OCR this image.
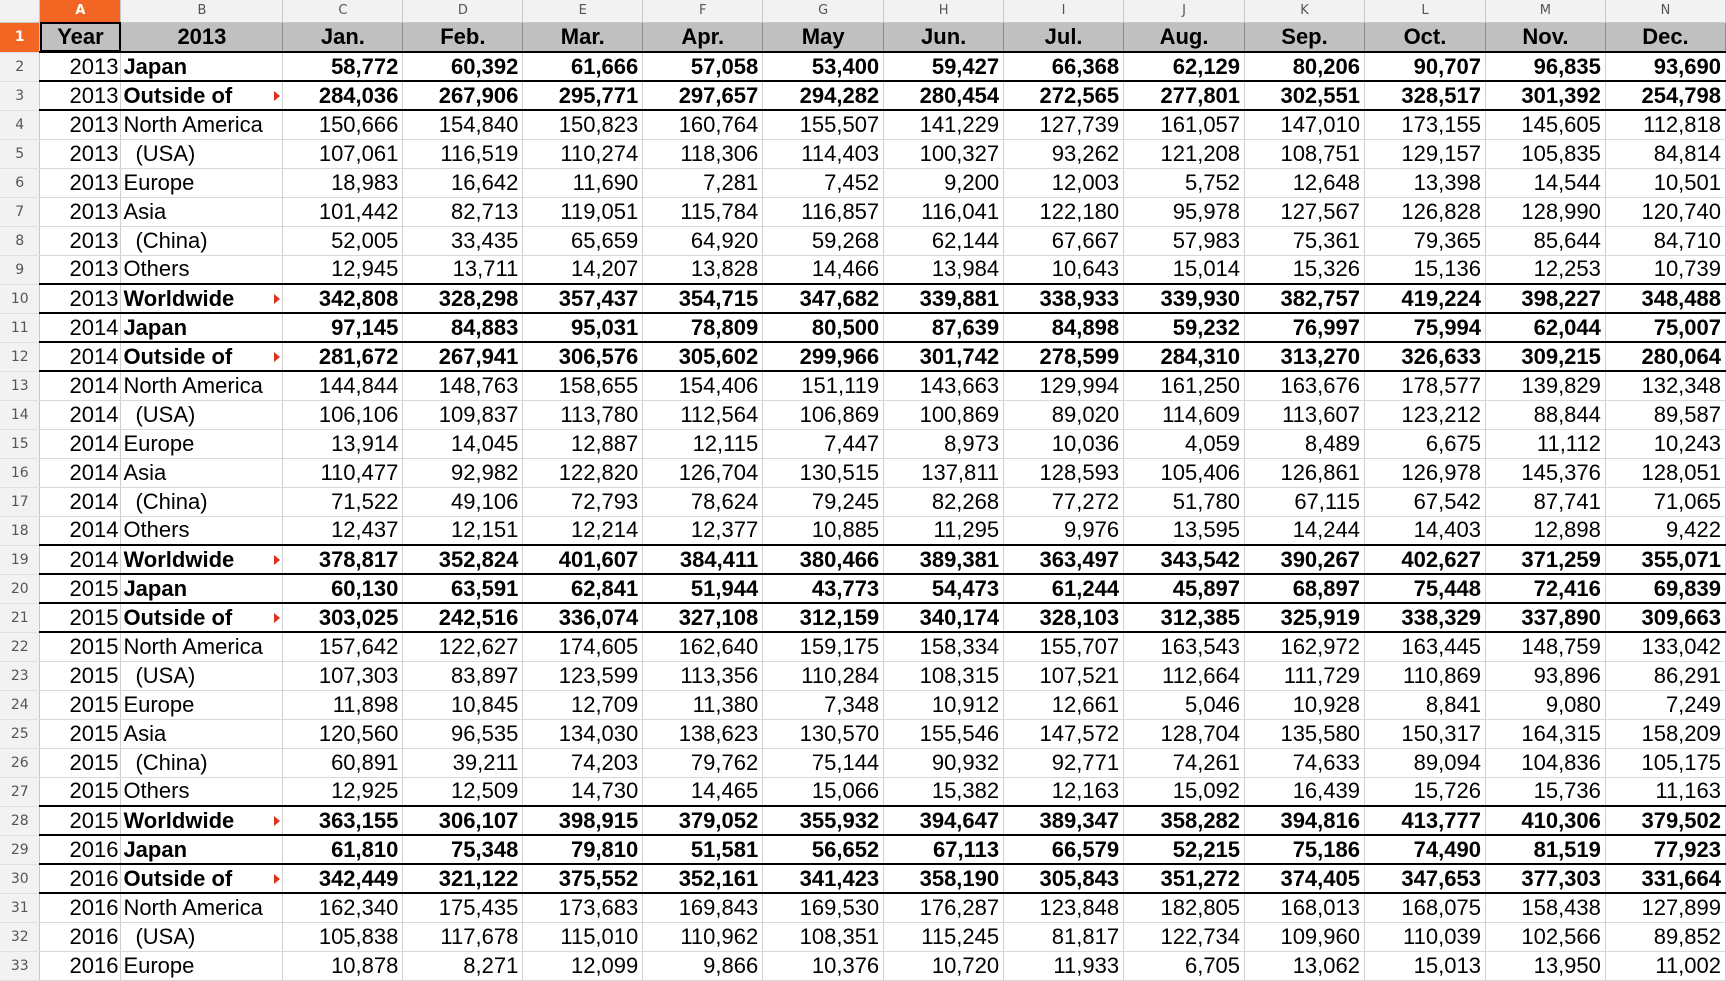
	A	B	C	D	E	F	G	H	I	J	K	L	M	N
1	Year	2013	Jan.	Feb.	Mar.	Apr.	May	Jun.	Jul.	Aug.	Sep.	Oct.	Nov.	Dec.
2	2013	Japan	58,772	60,392	61,666	57,058	53,400	59,427	66,368	62,129	80,206	90,707	96,835	93,690
3	2013	Outside of	284,036	267,906	295,771	297,657	294,282	280,454	272,565	277,801	302,551	328,517	301,392	254,798
4	2013	North America	150,666	154,840	150,823	160,764	155,507	141,229	127,739	161,057	147,010	173,155	145,605	112,818
5	2013	(USA)	107,061	116,519	110,274	118,306	114,403	100,327	93,262	121,208	108,751	129,157	105,835	84,814
6	2013	Europe	18,983	16,642	11,690	7,281	7,452	9,200	12,003	5,752	12,648	13,398	14,544	10,501
7	2013	Asia	101,442	82,713	119,051	115,784	116,857	116,041	122,180	95,978	127,567	126,828	128,990	120,740
8	2013	(China)	52,005	33,435	65,659	64,920	59,268	62,144	67,667	57,983	75,361	79,365	85,644	84,710
9	2013	Others	12,945	13,711	14,207	13,828	14,466	13,984	10,643	15,014	15,326	15,136	12,253	10,739
10	2013	Worldwide	342,808	328,298	357,437	354,715	347,682	339,881	338,933	339,930	382,757	419,224	398,227	348,488
11	2014	Japan	97,145	84,883	95,031	78,809	80,500	87,639	84,898	59,232	76,997	75,994	62,044	75,007
12	2014	Outside of	281,672	267,941	306,576	305,602	299,966	301,742	278,599	284,310	313,270	326,633	309,215	280,064
13	2014	North America	144,844	148,763	158,655	154,406	151,119	143,663	129,994	161,250	163,676	178,577	139,829	132,348
14	2014	(USA)	106,106	109,837	113,780	112,564	106,869	100,869	89,020	114,609	113,607	123,212	88,844	89,587
15	2014	Europe	13,914	14,045	12,887	12,115	7,447	8,973	10,036	4,059	8,489	6,675	11,112	10,243
16	2014	Asia	110,477	92,982	122,820	126,704	130,515	137,811	128,593	105,406	126,861	126,978	145,376	128,051
17	2014	(China)	71,522	49,106	72,793	78,624	79,245	82,268	77,272	51,780	67,115	67,542	87,741	71,065
18	2014	Others	12,437	12,151	12,214	12,377	10,885	11,295	9,976	13,595	14,244	14,403	12,898	9,422
19	2014	Worldwide	378,817	352,824	401,607	384,411	380,466	389,381	363,497	343,542	390,267	402,627	371,259	355,071
20	2015	Japan	60,130	63,591	62,841	51,944	43,773	54,473	61,244	45,897	68,897	75,448	72,416	69,839
21	2015	Outside of	303,025	242,516	336,074	327,108	312,159	340,174	328,103	312,385	325,919	338,329	337,890	309,663
22	2015	North America	157,642	122,627	174,605	162,640	159,175	158,334	155,707	163,543	162,972	163,445	148,759	133,042
23	2015	(USA)	107,303	83,897	123,599	113,356	110,284	108,315	107,521	112,664	111,729	110,869	93,896	86,291
24	2015	Europe	11,898	10,845	12,709	11,380	7,348	10,912	12,661	5,046	10,928	8,841	9,080	7,249
25	2015	Asia	120,560	96,535	134,030	138,623	130,570	155,546	147,572	128,704	135,580	150,317	164,315	158,209
26	2015	(China)	60,891	39,211	74,203	79,762	75,144	90,932	92,771	74,261	74,633	89,094	104,836	105,175
27	2015	Others	12,925	12,509	14,730	14,465	15,066	15,382	12,163	15,092	16,439	15,726	15,736	11,163
28	2015	Worldwide	363,155	306,107	398,915	379,052	355,932	394,647	389,347	358,282	394,816	413,777	410,306	379,502
29	2016	Japan	61,810	75,348	79,810	51,581	56,652	67,113	66,579	52,215	75,186	74,490	81,519	77,923
30	2016	Outside of	342,449	321,122	375,552	352,161	341,423	358,190	305,843	351,272	374,405	347,653	377,303	331,664
31	2016	North America	162,340	175,435	173,683	169,843	169,530	176,287	123,848	182,805	168,013	168,075	158,438	127,899
32	2016	(USA)	105,838	117,678	115,010	110,962	108,351	115,245	81,817	122,734	109,960	110,039	102,566	89,852
33	2016	Europe	10,878	8,271	12,099	9,866	10,376	10,720	11,933	6,705	13,062	15,013	13,950	11,002
